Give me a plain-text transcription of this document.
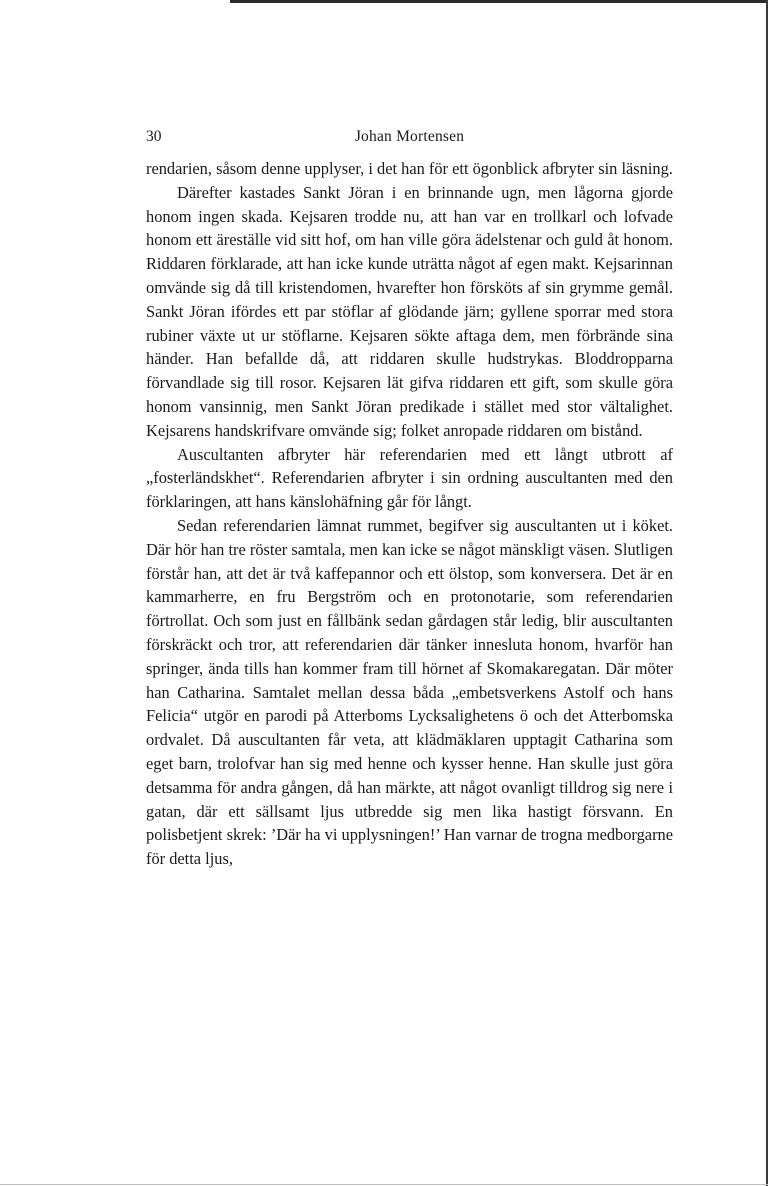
30	Johan Mortensen

rendarien, såsom denne upplyser, i det han för ett ögonblick afbryter sin läsning.

Därefter kastades Sankt Jöran i en brinnande ugn, men lågorna gjorde honom ingen skada. Kejsaren trodde nu, att han var en trollkarl och lofvade honom ett äreställe vid sitt hof, om han ville göra ädelstenar och guld åt honom. Riddaren förklarade, att han icke kunde uträtta något af egen makt. Kejsarinnan omvände sig då till kristendomen, hvarefter hon försköts af sin grymme gemål. Sankt Jöran ifördes ett par stöflar af glödande järn; gyllene sporrar med stora rubiner växte ut ur stöflarne. Kejsaren sökte aftaga dem, men förbrände sina händer. Han befallde då, att riddaren skulle hudstrykas. Bloddropparna förvandlade sig till rosor. Kejsaren lät gifva riddaren ett gift, som skulle göra honom vansinnig, men Sankt Jöran predikade i stället med stor vältalighet. Kejsarens handskrifvare omvände sig; folket anropade riddaren om bistånd.

Auscultanten afbryter här referendarien med ett långt utbrott af „fosterländskhet“. Referendarien afbryter i sin ordning auscultanten med den förklaringen, att hans känslohäfning går för långt.

Sedan referendarien lämnat rummet, begifver sig auscultanten ut i köket. Där hör han tre röster samtala, men kan icke se något mänskligt väsen. Slutligen förstår han, att det är två kaffepannor och ett ölstop, som konversera. Det är en kammarherre, en fru Bergström och en protonotarie, som referendarien förtrollat. Och som just en fållbänk sedan gårdagen står ledig, blir auscultanten förskräckt och tror, att referendarien där tänker innesluta honom, hvarför han springer, ända tills han kommer fram till hörnet af Skomakaregatan. Där möter han Catharina. Samtalet mellan dessa båda „embetsverkens Astolf och hans Felicia“ utgör en parodi på Atterboms Lycksalighetens ö och det Atterbomska ordvalet. Då auscultanten får veta, att klädmäklaren upptagit Catharina som eget barn, trolofvar han sig med henne och kysser henne. Han skulle just göra detsamma för andra gången, då han märkte, att något ovanligt tilldrog sig nere i gatan, där ett sällsamt ljus utbredde sig men lika hastigt försvann. En polisbetjent skrek: ’Där ha vi upplysningen!’ Han varnar de trogna medborgarne för detta ljus,
